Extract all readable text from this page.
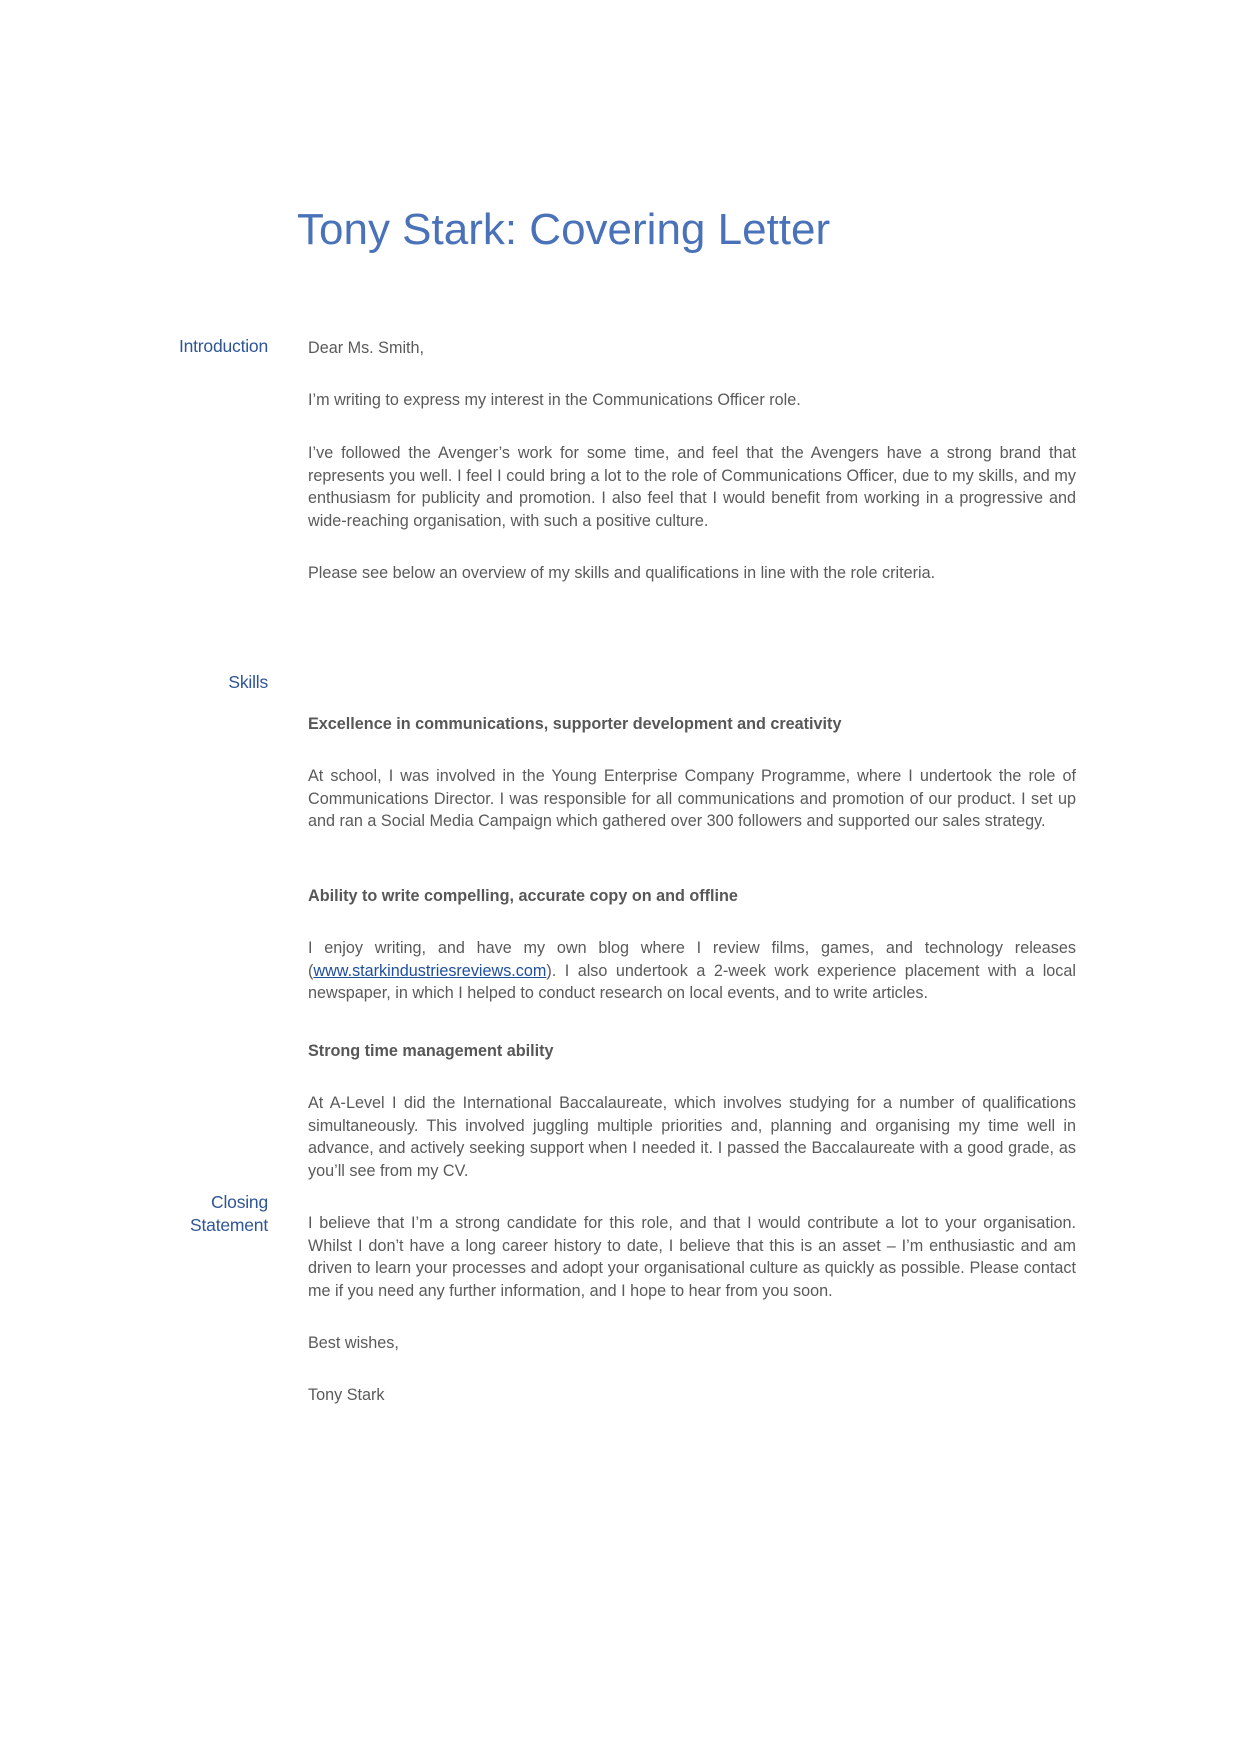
Tony Stark: Covering Letter
Introduction
Skills
Closing
Statement

Dear Ms. Smith,

I’m writing to express my interest in the Communications Officer role.

I’ve followed the Avenger’s work for some time, and feel that the Avengers have a strong brand that represents you well. I feel I could bring a lot to the role of Communications Officer, due to my skills, and my enthusiasm for publicity and promotion. I also feel that I would benefit from working in a progressive and wide-reaching organisation, with such a positive culture.

Please see below an overview of my skills and qualifications in line with the role criteria.

Excellence in communications, supporter development and creativity

At school, I was involved in the Young Enterprise Company Programme, where I undertook the role of Communications Director. I was responsible for all communications and promotion of our product. I set up and ran a Social Media Campaign which gathered over 300 followers and supported our sales strategy.

Ability to write compelling, accurate copy on and offline

I enjoy writing, and have my own blog where I review films, games, and technology releases (www.starkindustriesreviews.com). I also undertook a 2-week work experience placement with a local newspaper, in which I helped to conduct research on local events, and to write articles.

Strong time management ability

At A-Level I did the International Baccalaureate, which involves studying for a number of qualifications simultaneously. This involved juggling multiple priorities and, planning and organising my time well in advance, and actively seeking support when I needed it. I passed the Baccalaureate with a good grade, as you’ll see from my CV.

I believe that I’m a strong candidate for this role, and that I would contribute a lot to your organisation. Whilst I don’t have a long career history to date, I believe that this is an asset – I’m enthusiastic and am driven to learn your processes and adopt your organisational culture as quickly as possible. Please contact me if you need any further information, and I hope to hear from you soon.

Best wishes,

Tony Stark
